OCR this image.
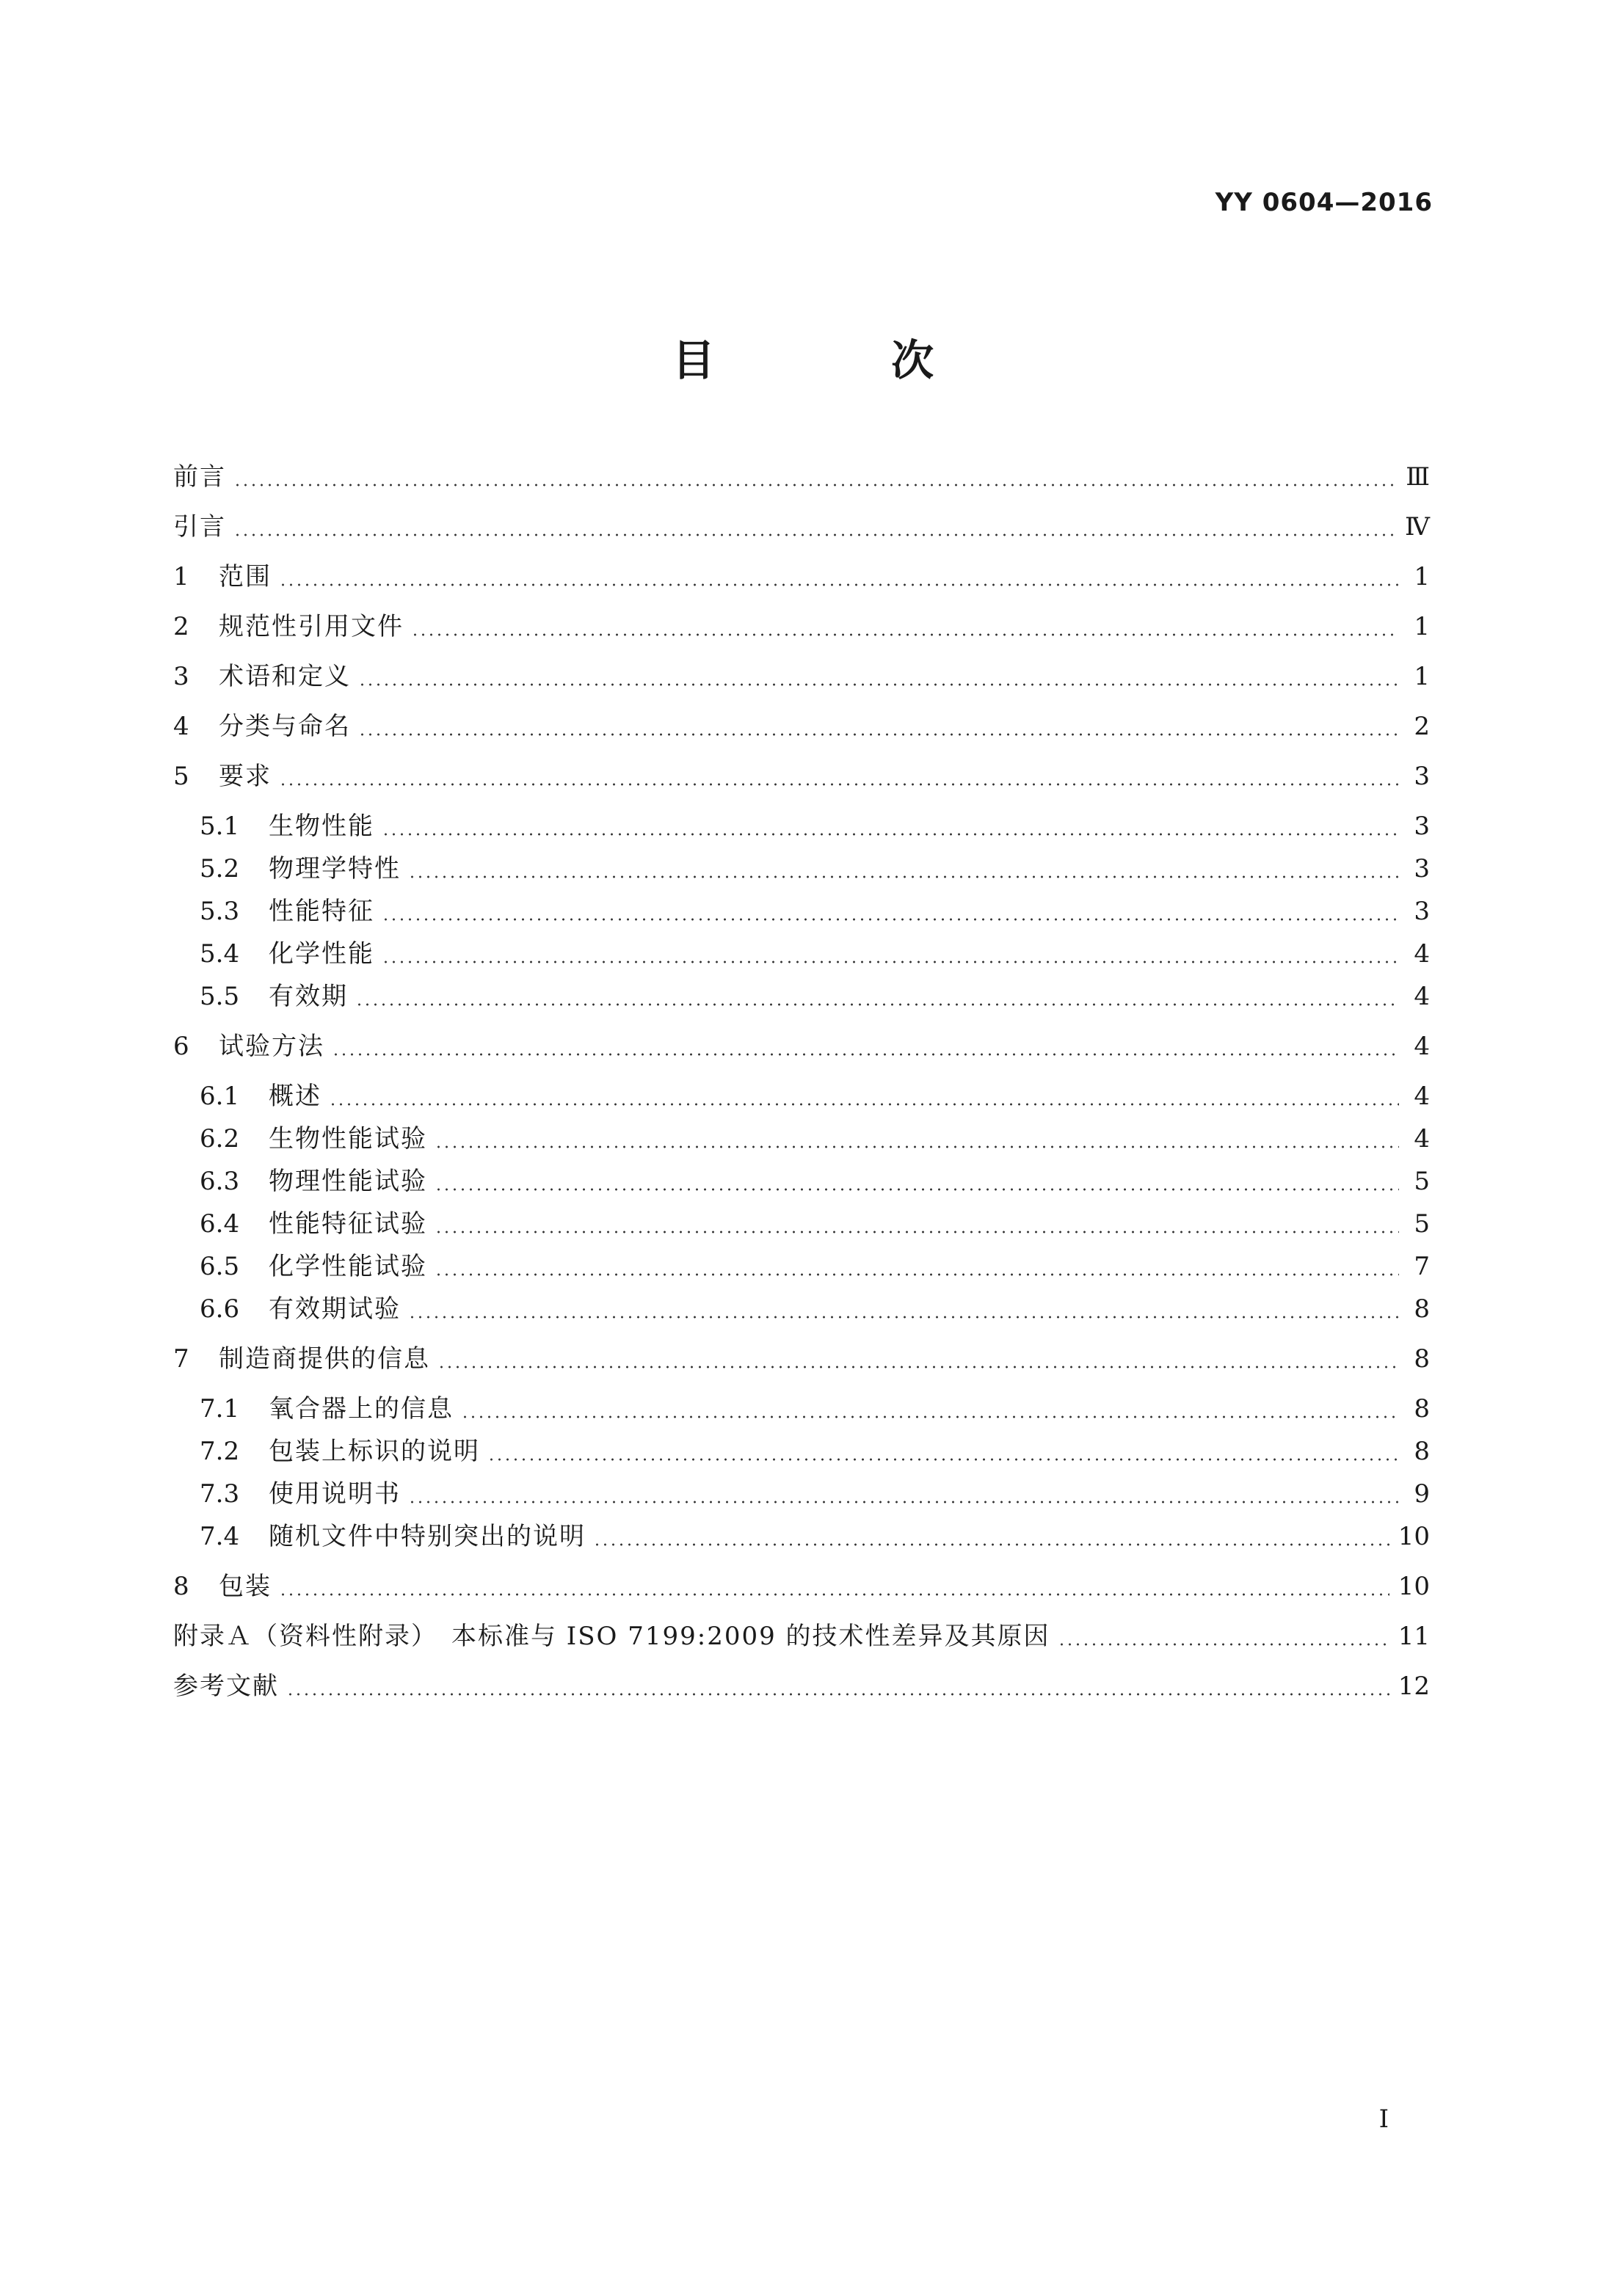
YY 0604—2016
目 次
前言	Ⅲ
引言	Ⅳ
1	范围	1
2	规范性引用文件	1
3	术语和定义	1
4	分类与命名	2
5	要求	3
5.1	生物性能	3
5.2	物理学特性	3
5.3	性能特征	3
5.4	化学性能	4
5.5	有效期	4
6	试验方法	4
6.1	概述	4
6.2	生物性能试验	4
6.3	物理性能试验	5
6.4	性能特征试验	5
6.5	化学性能试验	7
6.6	有效期试验	8
7	制造商提供的信息	8
7.1	氧合器上的信息	8
7.2	包装上标识的说明	8
7.3	使用说明书	9
7.4	随机文件中特别突出的说明	10
8	包装	10
附录Ａ（资料性附录）　本标准与 ISO 7199:2009 的技术性差异及其原因	11
参考文献	12
I
